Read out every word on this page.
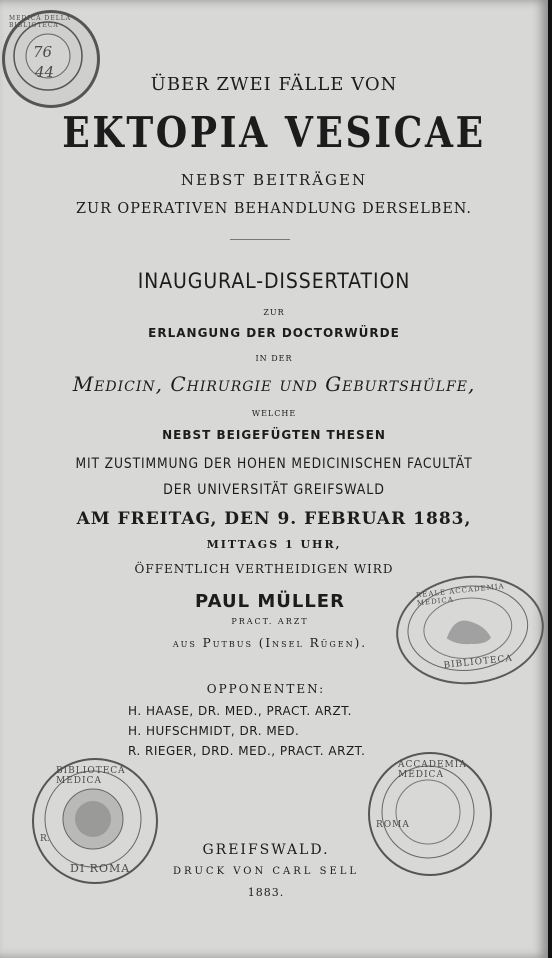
76
44
MEDICA DELLA BIBLIOTECA
ÜBER ZWEI FÄLLE VON
EKTOPIA VESICAE
NEBST BEITRÄGEN
ZUR OPERATIVEN BEHANDLUNG DERSELBEN.
INAUGURAL-DISSERTATION
ZUR
ERLANGUNG DER DOCTORWÜRDE
IN DER
Medicin, Chirurgie und Geburtshülfe,
WELCHE
NEBST BEIGEFÜGTEN THESEN
MIT ZUSTIMMUNG DER HOHEN MEDICINISCHEN FACULTÄT
DER UNIVERSITÄT GREIFSWALD
AM FREITAG, DEN 9. FEBRUAR 1883,
MITTAGS 1 UHR,
ÖFFENTLICH VERTHEIDIGEN WIRD
PAUL MÜLLER
PRACT. ARZT
aus Putbus (Insel Rügen).
REALE ACCADEMIA MEDICA
BIBLIOTECA
OPPONENTEN:
H. HAASE, DR. MED., PRACT. ARZT.
H. HUFSCHMIDT, DR. MED.
R. RIEGER, DRD. MED., PRACT. ARZT.
BIBLIOTECA MEDICA
DI ROMA
R.
ACCADEMIA MEDICA
ROMA
GREIFSWALD.
DRUCK VON CARL SELL
1883.
